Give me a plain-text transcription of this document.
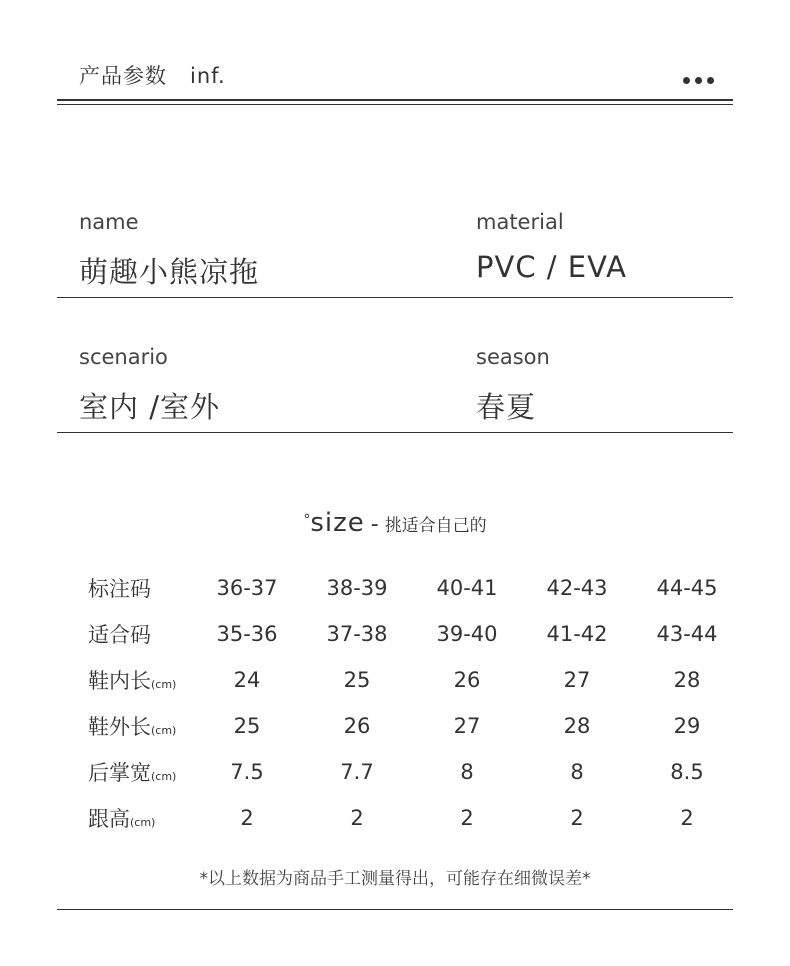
产品参数 inf.
name
萌趣小熊凉拖
material
PVC / EVA
scenario
室内 /室外
season
春夏
°size - 挑适合自己的
标注码	36-37	38-39	40-41	42-43	44-45
适合码	35-36	37-38	39-40	41-42	43-44
鞋内长(cm)	24	25	26	27	28
鞋外长(cm)	25	26	27	28	29
后掌宽(cm)	7.5	7.7	8	8	8.5
跟高(cm)	2	2	2	2	2
*以上数据为商品手工测量得出，可能存在细微误差*
